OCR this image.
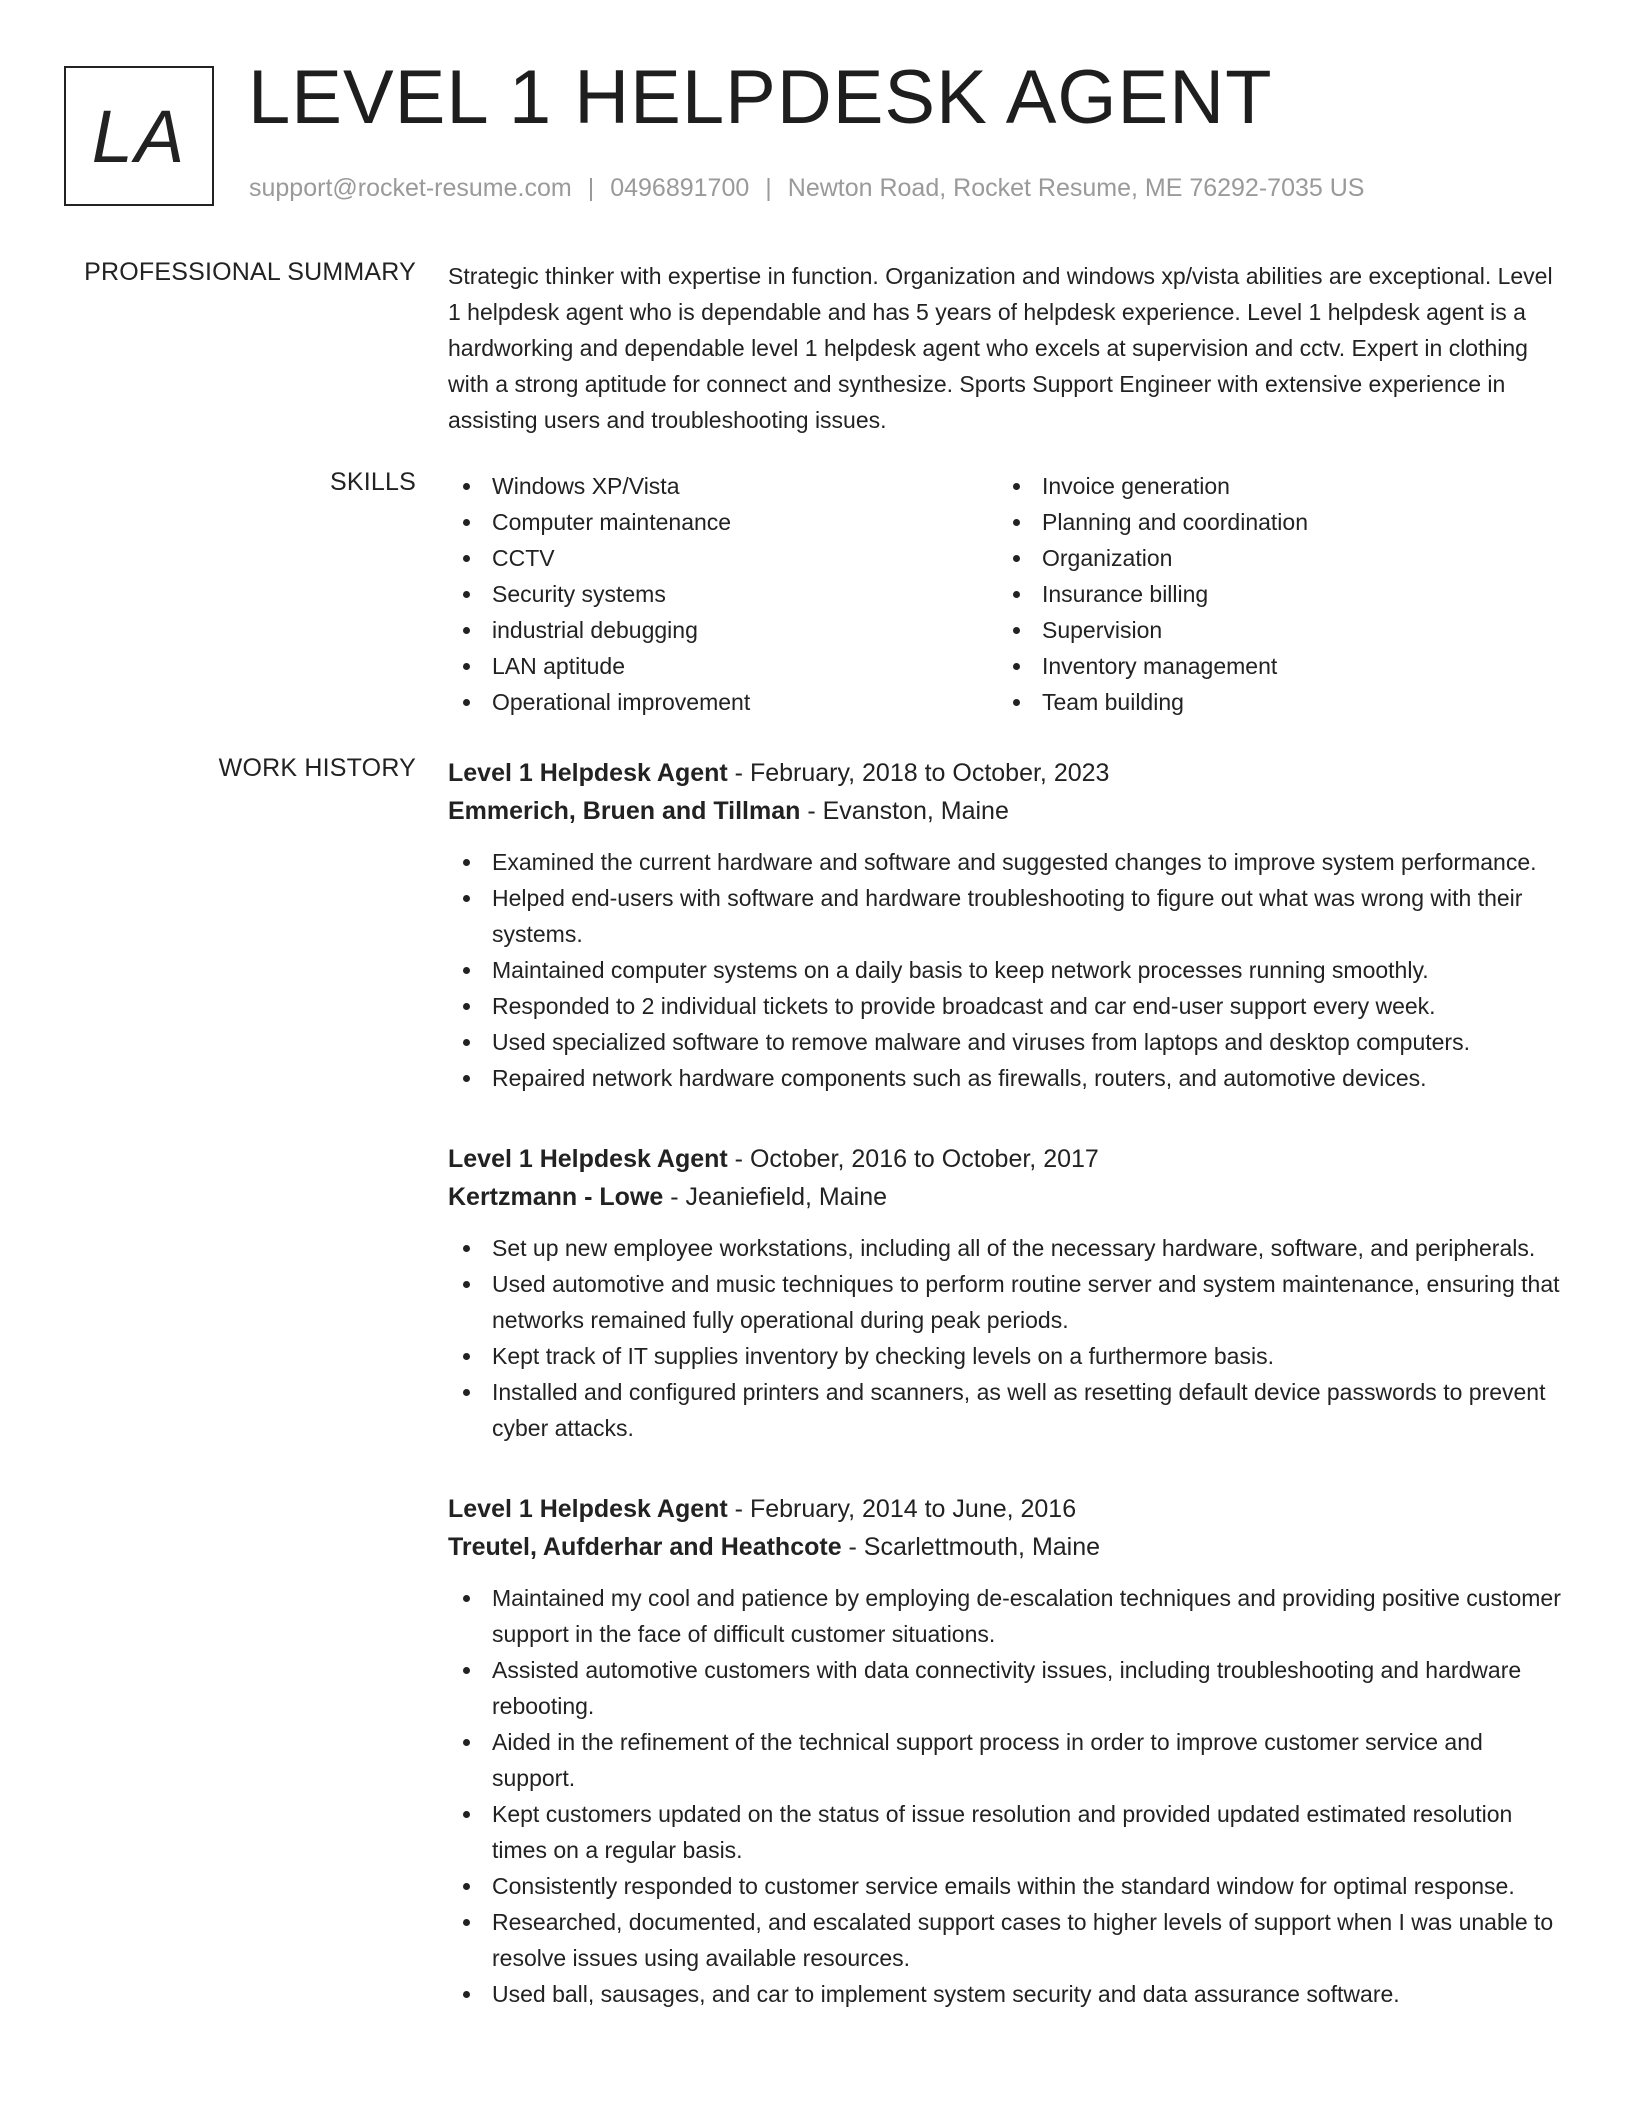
LA LEVEL 1 HELPDESK AGENT
support@rocket-resume.com | 0496891700 | Newton Road, Rocket Resume, ME 76292-7035 US
PROFESSIONAL SUMMARY Strategic thinker with expertise in function. Organization and windows xp/vista abilities are exceptional. Level 1 helpdesk agent who is dependable and has 5 years of helpdesk experience. Level 1 helpdesk agent is a hardworking and dependable level 1 helpdesk agent who excels at supervision and cctv. Expert in clothing with a strong aptitude for connect and synthesize. Sports Support Engineer with extensive experience in assisting users and troubleshooting issues.

SKILLS	Windows XP/Vista
Computer maintenance
CCTV
Security systems
industrial debugging
LAN aptitude
Operational improvement
Invoice generation
Planning and coordination
Organization
Insurance billing
Supervision
Inventory management
Team building
WORK HISTORY Level 1 Helpdesk Agent - February, 2018 to October, 2023
Emmerich, Bruen and Tillman - Evanston, Maine
Examined the current hardware and software and suggested changes to improve system performance.
Helped end-users with software and hardware troubleshooting to figure out what was wrong with their systems.
Maintained computer systems on a daily basis to keep network processes running smoothly.
Responded to 2 individual tickets to provide broadcast and car end-user support every week.
Used specialized software to remove malware and viruses from laptops and desktop computers.
Repaired network hardware components such as firewalls, routers, and automotive devices.
Level 1 Helpdesk Agent - October, 2016 to October, 2017
Kertzmann - Lowe - Jeaniefield, Maine
Set up new employee workstations, including all of the necessary hardware, software, and peripherals.
Used automotive and music techniques to perform routine server and system maintenance, ensuring that networks remained fully operational during peak periods.
Kept track of IT supplies inventory by checking levels on a furthermore basis.
Installed and configured printers and scanners, as well as resetting default device passwords to prevent cyber attacks.
Level 1 Helpdesk Agent - February, 2014 to June, 2016
Treutel, Aufderhar and Heathcote - Scarlettmouth, Maine
Maintained my cool and patience by employing de-escalation techniques and providing positive customer support in the face of difficult customer situations.
Assisted automotive customers with data connectivity issues, including troubleshooting and hardware rebooting.
Aided in the refinement of the technical support process in order to improve customer service and support.
Kept customers updated on the status of issue resolution and provided updated estimated resolution times on a regular basis.
Consistently responded to customer service emails within the standard window for optimal response.
Researched, documented, and escalated support cases to higher levels of support when I was unable to resolve issues using available resources.
Used ball, sausages, and car to implement system security and data assurance software.
